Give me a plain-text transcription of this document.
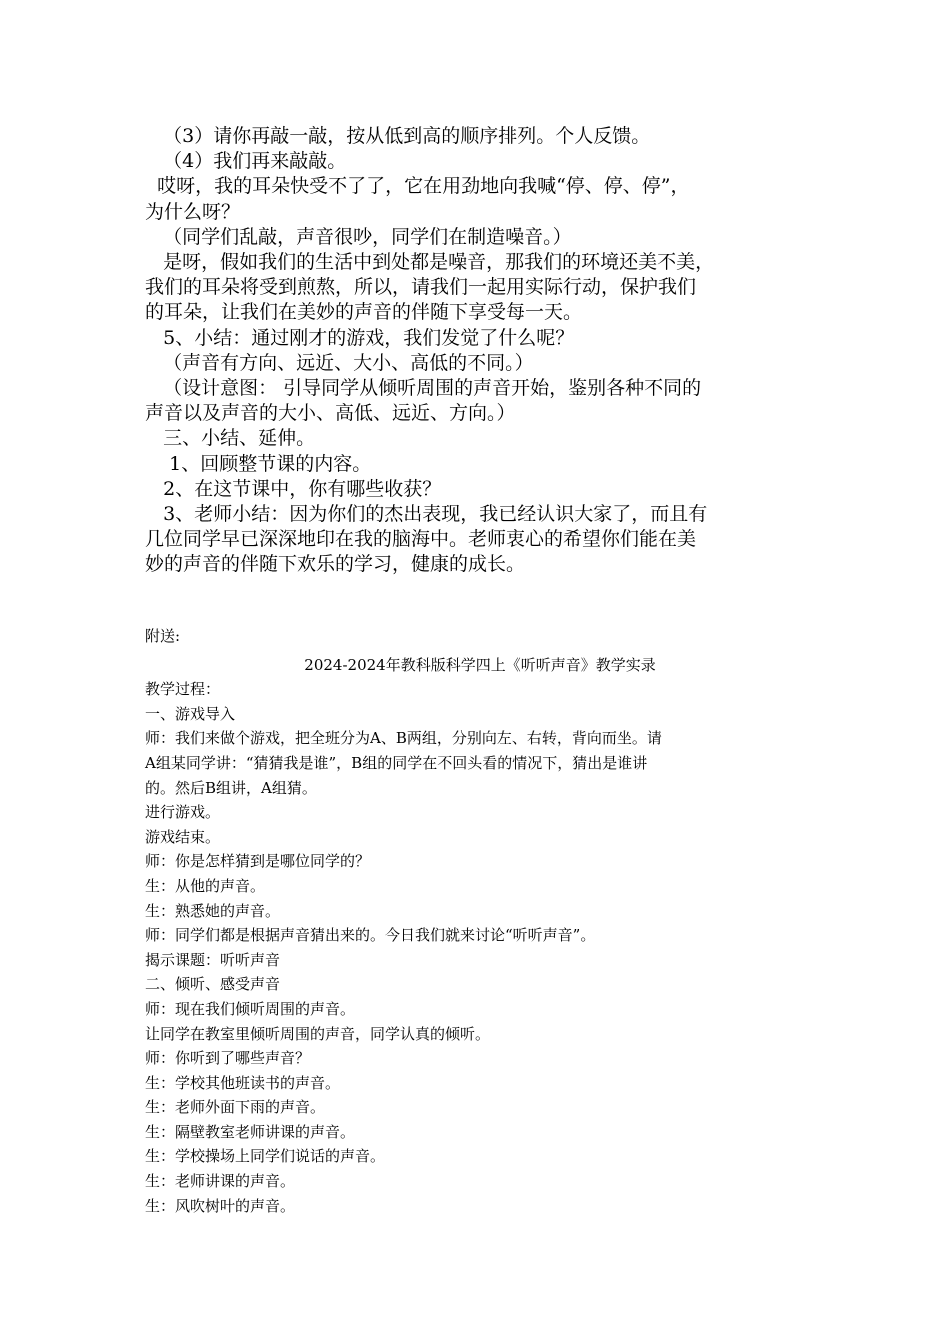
（3）请你再敲一敲，按从低到高的顺序排列。个人反馈。

（4）我们再来敲敲。

哎呀，我的耳朵快受不了了，它在用劲地向我喊“停、停、停”，

为什么呀？

（同学们乱敲，声音很吵，同学们在制造噪音。）

是呀，假如我们的生活中到处都是噪音，那我们的环境还美不美，

我们的耳朵将受到煎熬，所以，请我们一起用实际行动，保护我们

的耳朵，让我们在美妙的声音的伴随下享受每一天。

5、小结：通过刚才的游戏，我们发觉了什么呢？

（声音有方向、远近、大小、高低的不同。）

（设计意图： 引导同学从倾听周围的声音开始，鉴别各种不同的

声音以及声音的大小、高低、远近、方向。）

三、小结、延伸。

1、回顾整节课的内容。

2、在这节课中，你有哪些收获？

3、老师小结：因为你们的杰出表现，我已经认识大家了，而且有

几位同学早已深深地印在我的脑海中。老师衷心的希望你们能在美

妙的声音的伴随下欢乐的学习，健康的成长。

附送:

2024-2024年教科版科学四上《听听声音》教学实录

教学过程：

一、游戏导入

师：我们来做个游戏，把全班分为A、B两组，分别向左、右转，背向而坐。请

A组某同学讲：“猜猜我是谁”，B组的同学在不回头看的情况下，猜出是谁讲

的。然后B组讲，A组猜。

进行游戏。

游戏结束。

师：你是怎样猜到是哪位同学的？

生：从他的声音。

生：熟悉她的声音。

师：同学们都是根据声音猜出来的。今日我们就来讨论“听听声音”。

揭示课题：听听声音

二、倾听、感受声音

师：现在我们倾听周围的声音。

让同学在教室里倾听周围的声音，同学认真的倾听。

师：你听到了哪些声音？

生：学校其他班读书的声音。

生：老师外面下雨的声音。

生：隔壁教室老师讲课的声音。

生：学校操场上同学们说话的声音。

生：老师讲课的声音。

生：风吹树叶的声音。
